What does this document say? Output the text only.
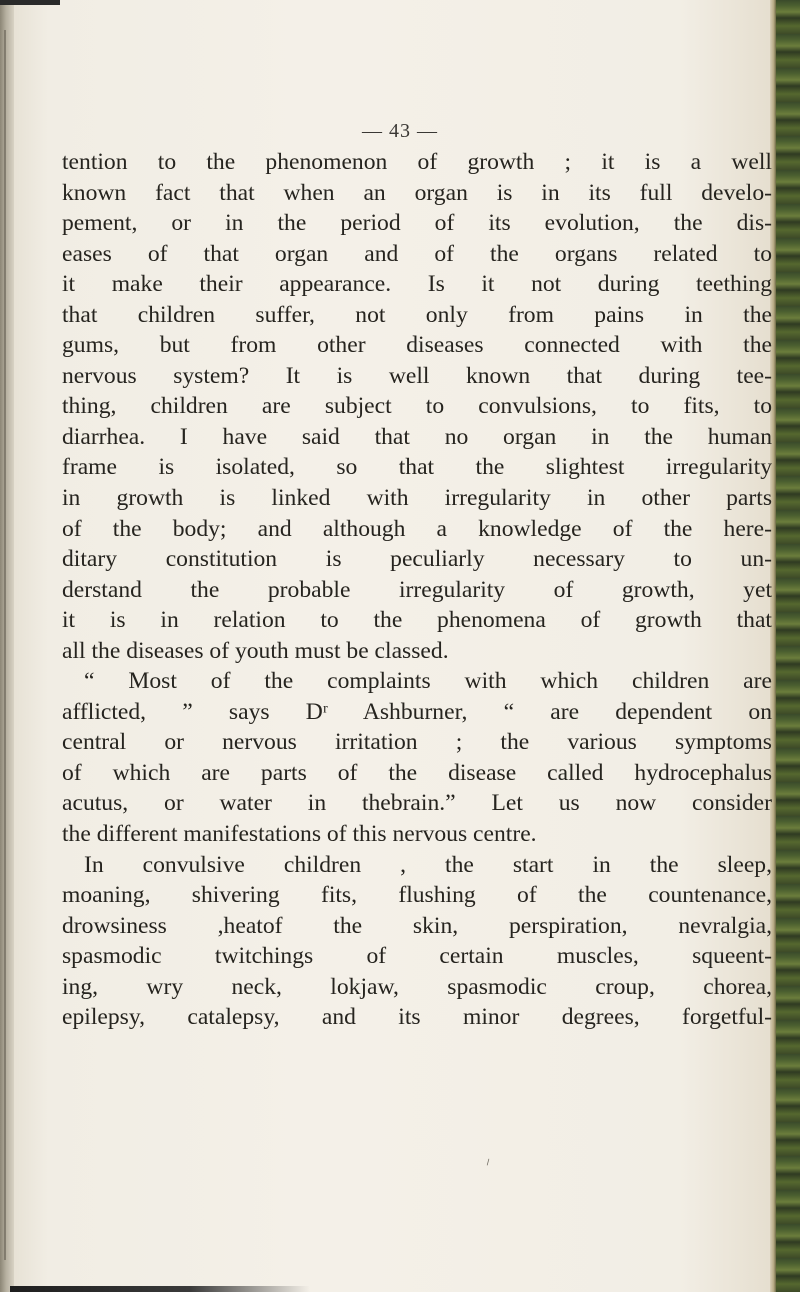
— 43 —
tention to the phenomenon of growth ; it is a well
known fact that when an organ is in its full develo-
pement, or in the period of its evolution, the dis-
eases of that organ and of the organs related to
it make their appearance. Is it not during teething
that children suffer, not only from pains in the
gums, but from other diseases connected with the
nervous system? It is well known that during tee-
thing, children are subject to convulsions, to fits, to
diarrhea. I have said that no organ in the human
frame is isolated, so that the slightest irregularity
in growth is linked with irregularity in other parts
of the body; and although a knowledge of the here-
ditary constitution is peculiarly necessary to un-
derstand the probable irregularity of growth, yet
it is in relation to the phenomena of growth that
all the diseases of youth must be classed.
“ Most of the complaints with which children are
afflicted, ” says Dʳ Ashburner, “ are dependent on
central or nervous irritation ; the various symptoms
of which are parts of the disease called hydrocephalus
acutus, or water in thebrain.” Let us now consider
the different manifestations of this nervous centre.
In convulsive children , the start in the sleep,
moaning, shivering fits, flushing of the countenance,
drowsiness ,heatof the skin, perspiration, nevralgia,
spasmodic twitchings of certain muscles, squeent-
ing, wry neck, lokjaw, spasmodic croup, chorea,
epilepsy, catalepsy, and its minor degrees, forgetful-
⸝
